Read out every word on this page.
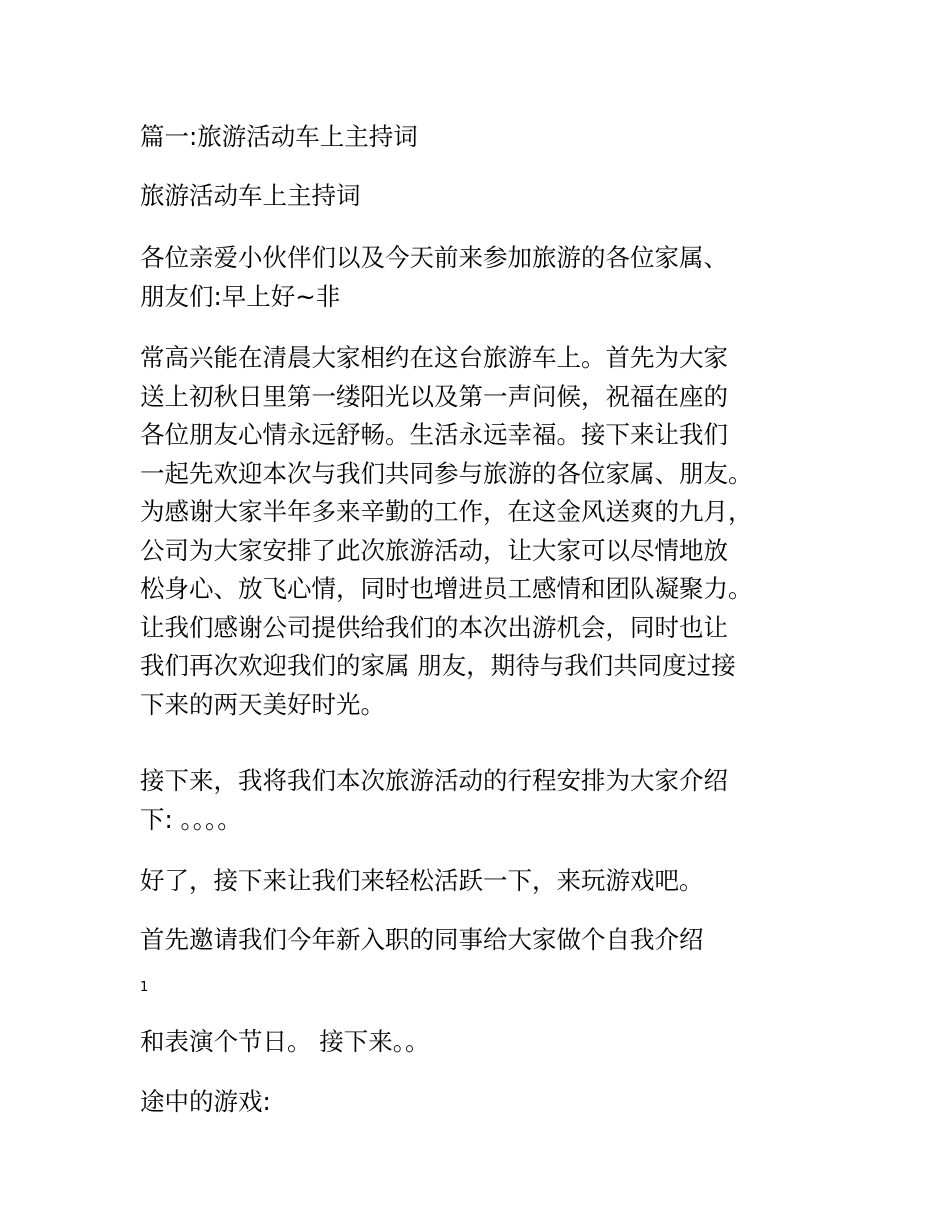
篇一:旅游活动车上主持词

旅游活动车上主持词

各位亲爱小伙伴们以及今天前来参加旅游的各位家属、
朋友们:早上好~非
常高兴能在清晨大家相约在这台旅游车上。首先为大家
送上初秋日里第一缕阳光以及第一声问候，祝福在座的
各位朋友心情永远舒畅。生活永远幸福。接下来让我们
一起先欢迎本次与我们共同参与旅游的各位家属、朋友。
为感谢大家半年多来辛勤的工作，在这金风送爽的九月，
公司为大家安排了此次旅游活动，让大家可以尽情地放
松身心、放飞心情，同时也增进员工感情和团队凝聚力。
让我们感谢公司提供给我们的本次出游机会，同时也让
我们再次欢迎我们的家属 朋友，期待与我们共同度过接
下来的两天美好时光。
接下来，我将我们本次旅游活动的行程安排为大家介绍
下: 。。。。

好了，接下来让我们来轻松活跃一下，来玩游戏吧。

首先邀请我们今年新入职的同事给大家做个自我介绍

1

和表演个节日。 接下来。。

途中的游戏:
